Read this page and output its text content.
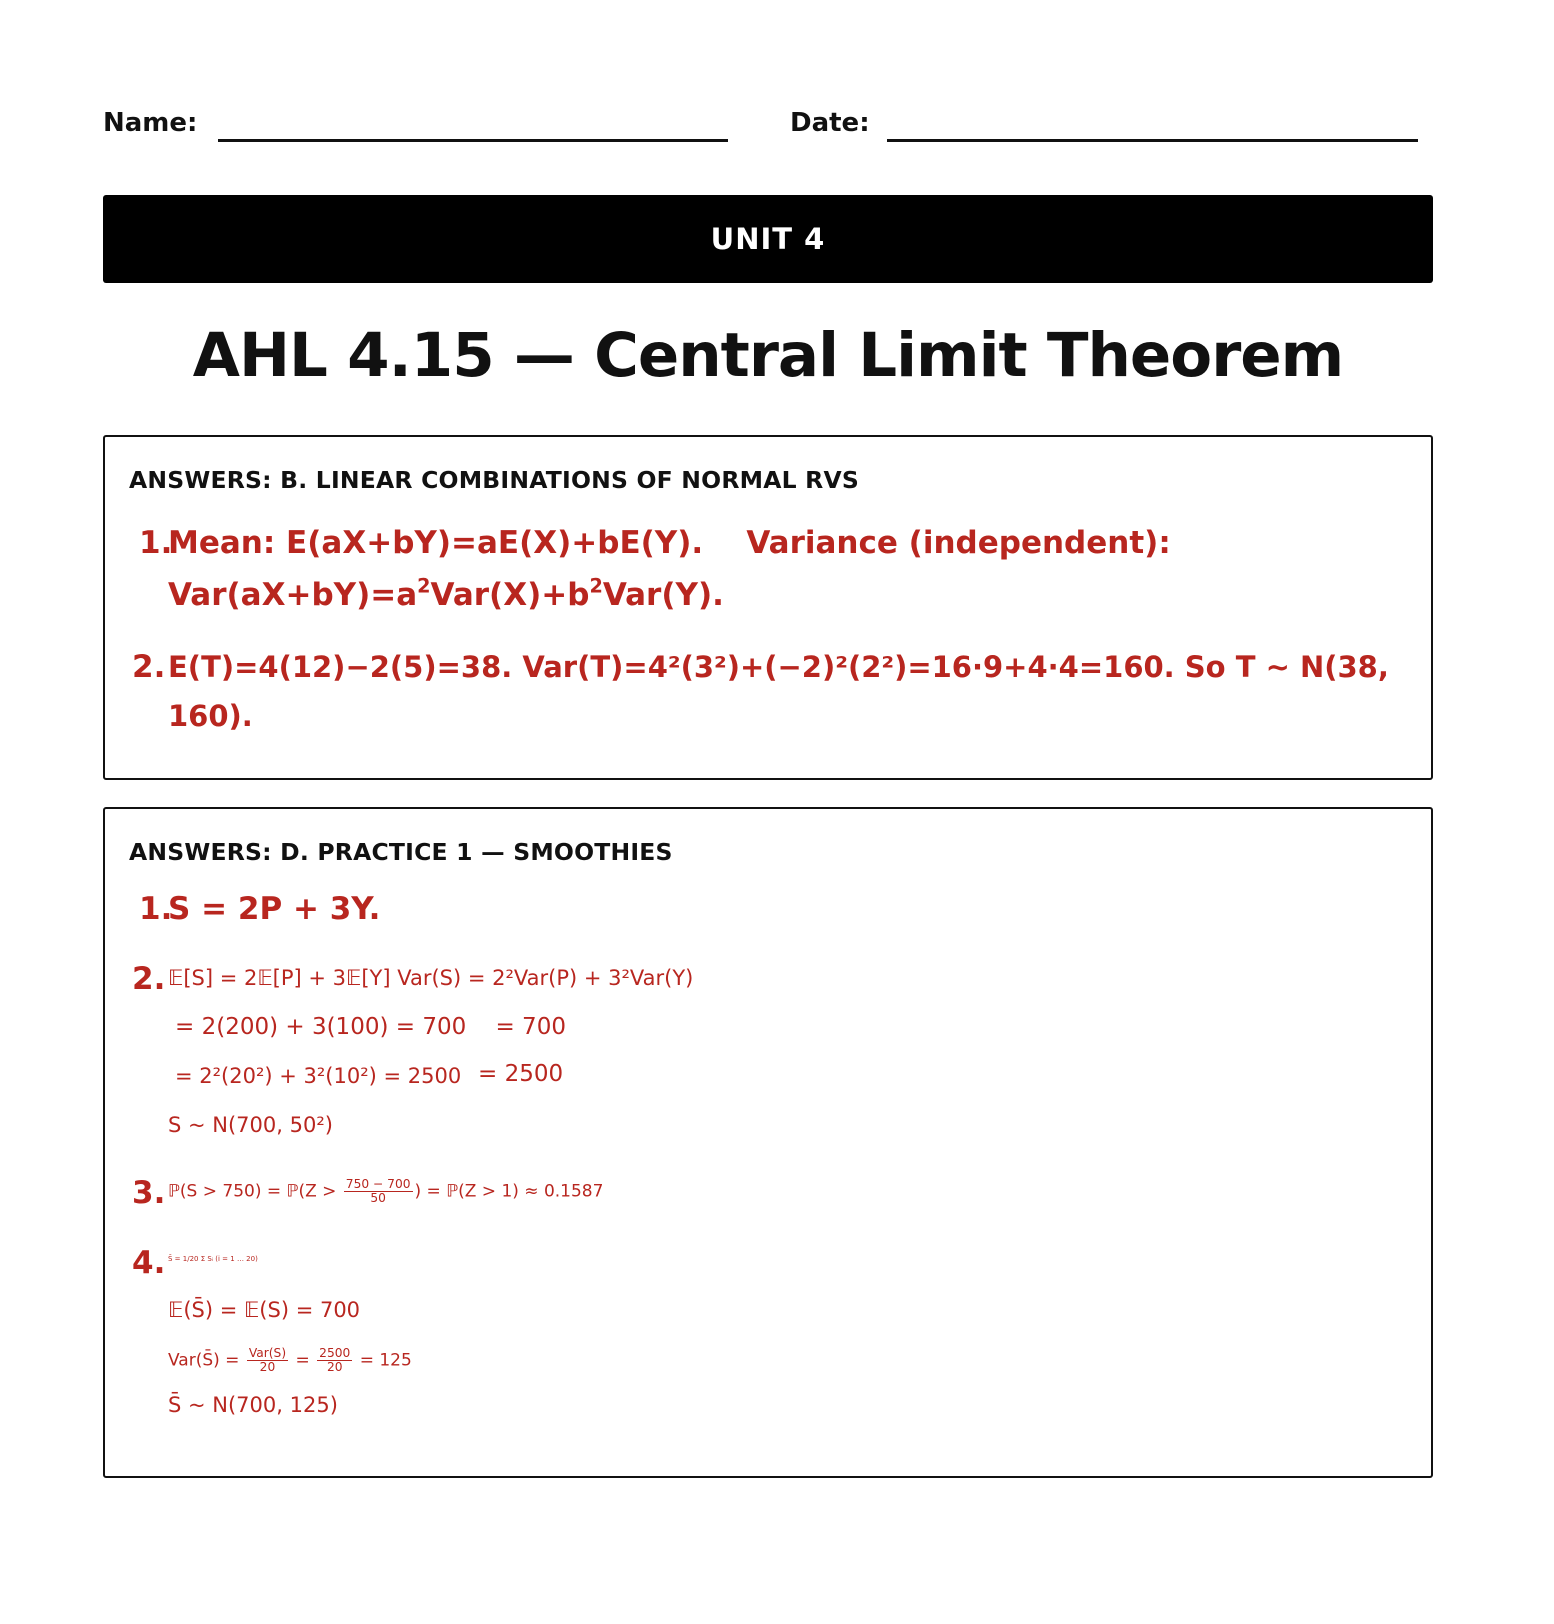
Name:	Date:
UNIT 4
AHL 4.15 — Central Limit Theorem
ANSWERS: B. LINEAR COMBINATIONS OF NORMAL RVS
1.
Mean: E(aX+bY)=aE(X)+bE(Y).    Variance (independent):
$Var(aX+bY)=a^2Var(X)+b^2Var(Y)$.
2. E(T)=4(12)−2(5)=38. Var(T)=4²(3²)+(−2)²(2²)=16·9+4·4=160. So T ~ N(38,
160).
ANSWERS: D. PRACTICE 1 — SMOOTHIES
1.
S = 2P + 3Y.
2. 𝔼[S] = 2𝔼[P] + 3𝔼[Y] Var(S) = 2²Var(P) + 3²Var(Y)
= 2(200) + 3(100) = 700    = 700
= 2²(20²) + 3²(10²) = 2500 = 2500
S ~ N(700, 50²)
3. ℙ(S > 750) = ℙ(Z > $\frac{750 - 700}{50}$ ) = ℙ(Z > 1) ≈ 0.1587
4. S̄ = 1/20 Σ Sᵢ (i = 1 … 20)
𝔼(S̄) = 𝔼(S) = 700
Var(S̄) = $\frac{\text{Var(S)}}{20} = \frac{2500}{20} = 125$
S̄ ~ N(700, 125)
